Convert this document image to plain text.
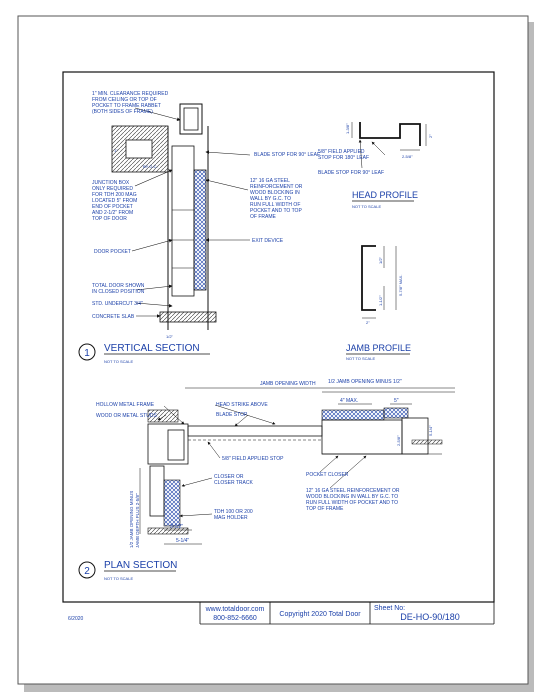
1" MIN. CLEARANCE REQUIRED FROM CEILING OR TOP OF POCKET TO FRAME RABBET (BOTH SIDES OF FRAME)
1"
BY G.C.
BLADE STOP FOR 90° LEAF
JUNCTION BOX ONLY REQUIRED FOR TDH 200 MAG LOCATED 5" FROM END OF POCKET AND 2-1/2" FROM TOP OF DOOR
12" 16 GA STEEL REINFORCEMENT OR WOOD BLOCKING IN WALL BY G.C. TO RUN FULL WIDTH OF POCKET AND TO TOP OF FRAME
DOOR POCKET
EXIT DEVICE
TOTAL DOOR SHOWN IN CLOSED POSITION
STD. UNDERCUT 3/4"
CONCRETE SLAB
1/2"
1 VERTICAL SECTION
NOT TO SCALE
1-3/8"
2"
2-5/8"
5/8" FIELD APPLIED STOP FOR 180° LEAF
BLADE STOP FOR 90° LEAF
HEAD PROFILE
NOT TO SCALE
1/2"
1-1/2"
5-7/8" MAX.
2"
JAMB PROFILE
NOT TO SCALE
JAMB OPENING WIDTH 1/2 JAMB OPENING MINUS 1/2"
HOLLOW METAL FRAME
WOOD OR METAL STUDS
HEAD STRIKE ABOVE
BLADE STOP
5/8" FIELD APPLIED STOP
CLOSER OR CLOSER TRACK
TDH 100 OR 200 MAG HOLDER
POCKET CLOSER
12" 16 GA STEEL REINFORCEMENT OR WOOD BLOCKING IN WALL BY G.C. TO RUN FULL WIDTH OF POCKET AND TO TOP OF FRAME
1/2 JAMB OPENING MINUS JAMB DEPTH PLUS 2-5/8"
4" MAX.	5"
5-1/4"
2-5/8"
3-1/2"
5-1/4"
2
PLAN SECTION
NOT TO SCALE
6/2020
www.totaldoor.com
800-852-6660
Copyright 2020 Total Door
Sheet No:
DE-HO-90/180
